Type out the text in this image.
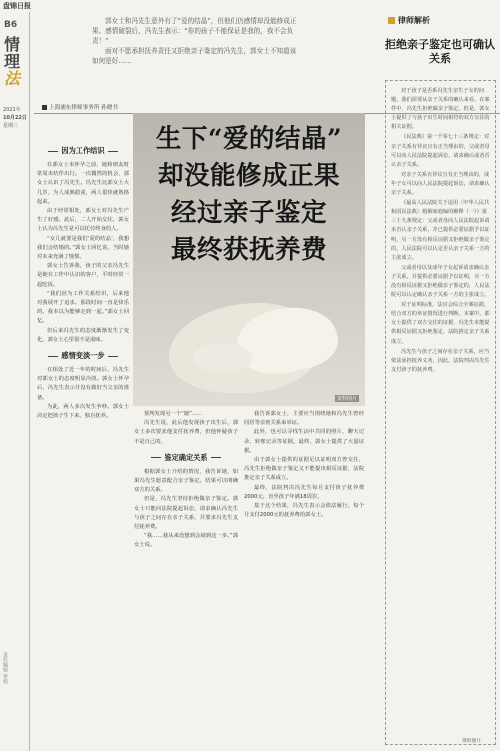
盘锦日报
B6
情
理
法
2021年
10月22日
星期三
责任编辑 审校

郭女士和冯先生意外有了“爱的结晶”，但他们仍感情却没能修成正果。感情破裂后，冯先生表示：“你的孩子不能保证是我的，我不会负责！”

面对不愿承担抚养责任又拒绝亲子鉴定的冯先生，郭女士不知道该如何是好……

上海浦东律师事务所 孙晓书
生下“爱的结晶”
却没能修成正果
经过亲子鉴定
最终获抚养费
资料图片
律师解析
拒绝亲子鉴定也可确认关系

对于孩子是否系冯先生亲生子女的问题，我们需要从亲子关系的确认来看。在案件中，冯先生拒绝做亲子鉴定，但是，郭女士提供了与孩子出生时间相符的双方交往的相关证据。

《民法典》第一千零七十三条规定：对亲子关系有异议且有正当理由的，父或者母可以向人民法院提起诉讼，请求确认或者否认亲子关系。

对亲子关系有异议且有正当理由的，成年子女可以向人民法院提起诉讼，请求确认亲子关系。

《最高人民法院关于适用〈中华人民共和国民法典〉婚姻家庭编的解释（一）》第三十九条规定：父或者母向人民法院起诉请求否认亲子关系，并已提供必要证据予以证明，另一方没有相反证据又拒绝做亲子鉴定的，人民法院可以认定否认亲子关系一方的主张成立。

父或者母以及成年子女起诉请求确认亲子关系，并提供必要证据予以证明，另一方没有相反证据又拒绝做亲子鉴定的，人民法院可以认定确认亲子关系一方的主张成立。

对于证明标准，法官会综合全案证据，结合双方的举证情况进行判断。本案中，郭女士提供了双方交往的证据，冯先生未能提供相反证据又拒绝鉴定，法院推定亲子关系成立。

冯先生与孩子之间存在亲子关系，应当依法承担抚养义务，因此，法院判决冯先生支付孩子的抚养费。

资料图片
因为工作结识

在郭女士未怀孕之前，她和朋友时常周末结伴出行。一次偶然的机会，郭女士认识了冯先生。冯先生比郭女士大几岁，为人成熟稳重，两人很快就熟络起来。

由于经常相处，郭女士对冯先生产生了好感。此后，二人开始交往，郭女士认为冯先生是可以托付终身的人。

“女儿就要是我们‘爱的结晶’，我想我们会结婚的。”郭女士回忆说，当时她对未来充满了憧憬。

郭女士告诉我，孩子的父亲冯先生是她在工作中认识的客户，平时经常一起吃饭。

“我们因为工作关系结识，后来他对我展开了追求。那段时间一直是快乐的，我本以为能够走到一起。”郭女士回忆。

但后来冯先生的态度渐渐发生了变化，郭女士心里很不是滋味。

感情变淡一步

在相处了近一年的时间后，冯先生对郭女士的态度明显冷淡。郭女士怀孕后，冯先生表示并没有做好当父亲的准备。

为此，两人多次发生争吵。郭女士决定把孩子生下来，独自抚养。	预判发现另一个“她”……

冯先生说，此后他发现孩子出生后，郭女士多次要求他支付抚养费，但他怀疑孩子不是自己的。

鉴定确定关系

根据郭女士介绍的情况，我告诉她，如果冯先生愿意配合亲子鉴定，结果可以明确双方的关系。

但是，冯先生坚持拒绝做亲子鉴定。郭女士只能向法院提起诉讼，请求确认冯先生与孩子之间存在亲子关系，并要求冯先生支付抚养费。

“我……我从来没想到会闹到这一步。”郭女士说。

我告诉郭女士，主要应当围绕她和冯先生曾经同居等亲密关系来举证。

此外，也可以寻找生活中共同的照片、聊天记录、转账记录等证据。最终，郭女士提供了大量证据。

由于郭女士提供的证据足以证明双方曾交往，冯先生拒绝做亲子鉴定又不能提出相反证据，法院推定亲子关系成立。

最终，法院判决冯先生每月支付孩子抚养费2000元，直至孩子年满18周岁。

基于这个结果，冯先生表示会依法履行，每个月支付2000元的抚养费给郭女士。
